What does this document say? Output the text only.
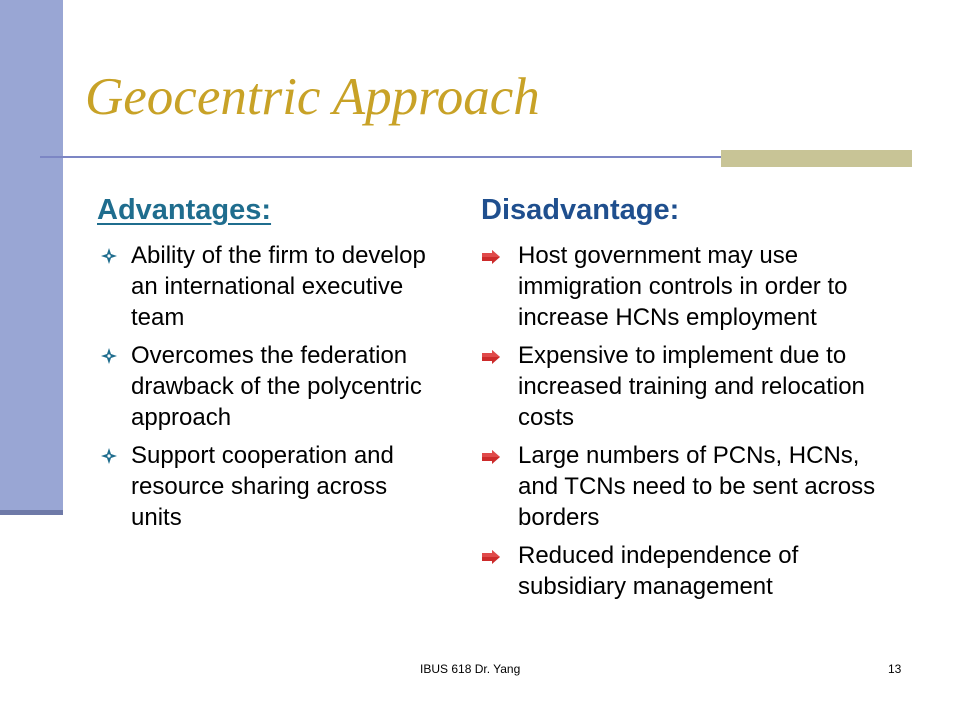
Geocentric Approach
Advantages:
Ability of the firm to develop an international executive team
Overcomes the federation drawback of the polycentric approach
Support cooperation and resource sharing across units
Disadvantage:
Host government may use immigration controls in order to increase HCNs employment
Expensive to implement due to increased training and relocation costs
Large numbers of PCNs, HCNs, and TCNs need to be sent across borders
Reduced independence of subsidiary management
IBUS 618 Dr. Yang	13
